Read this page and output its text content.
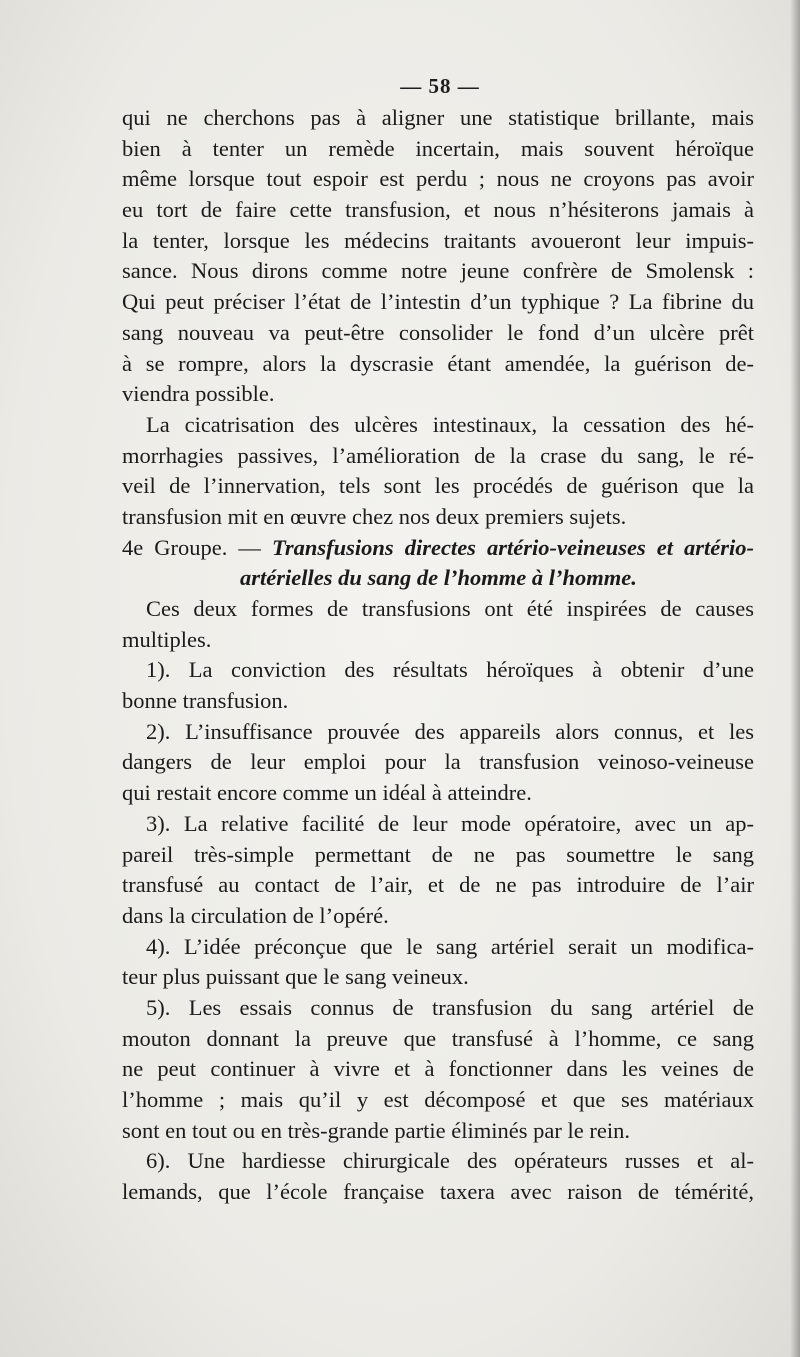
— 58 —

qui ne cherchons pas à aligner une statistique brillante, mais
bien à tenter un remède incertain, mais souvent héroïque
même lorsque tout espoir est perdu ; nous ne croyons pas avoir
eu tort de faire cette transfusion, et nous n’hésiterons jamais à
la tenter, lorsque les médecins traitants avoueront leur impuis-
sance. Nous dirons comme notre jeune confrère de Smolensk :
Qui peut préciser l’état de l’intestin d’un typhique ? La fibrine du
sang nouveau va peut-être consolider le fond d’un ulcère prêt
à se rompre, alors la dyscrasie étant amendée, la guérison de-
viendra possible.

La cicatrisation des ulcères intestinaux, la cessation des hé-
morrhagies passives, l’amélioration de la crase du sang, le ré-
veil de l’innervation, tels sont les procédés de guérison que la
transfusion mit en œuvre chez nos deux premiers sujets.

4e Groupe. — Transfusions directes artério-veineuses et artério-
artérielles du sang de l’homme à l’homme.

Ces deux formes de transfusions ont été inspirées de causes
multiples.

1). La conviction des résultats héroïques à obtenir d’une
bonne transfusion.

2). L’insuffisance prouvée des appareils alors connus, et les
dangers de leur emploi pour la transfusion veinoso-veineuse
qui restait encore comme un idéal à atteindre.

3). La relative facilité de leur mode opératoire, avec un ap-
pareil très-simple permettant de ne pas soumettre le sang
transfusé au contact de l’air, et de ne pas introduire de l’air
dans la circulation de l’opéré.

4). L’idée préconçue que le sang artériel serait un modifica-
teur plus puissant que le sang veineux.

5). Les essais connus de transfusion du sang artériel de
mouton donnant la preuve que transfusé à l’homme, ce sang
ne peut continuer à vivre et à fonctionner dans les veines de
l’homme ; mais qu’il y est décomposé et que ses matériaux
sont en tout ou en très-grande partie éliminés par le rein.

6). Une hardiesse chirurgicale des opérateurs russes et al-
lemands, que l’école française taxera avec raison de témérité,
